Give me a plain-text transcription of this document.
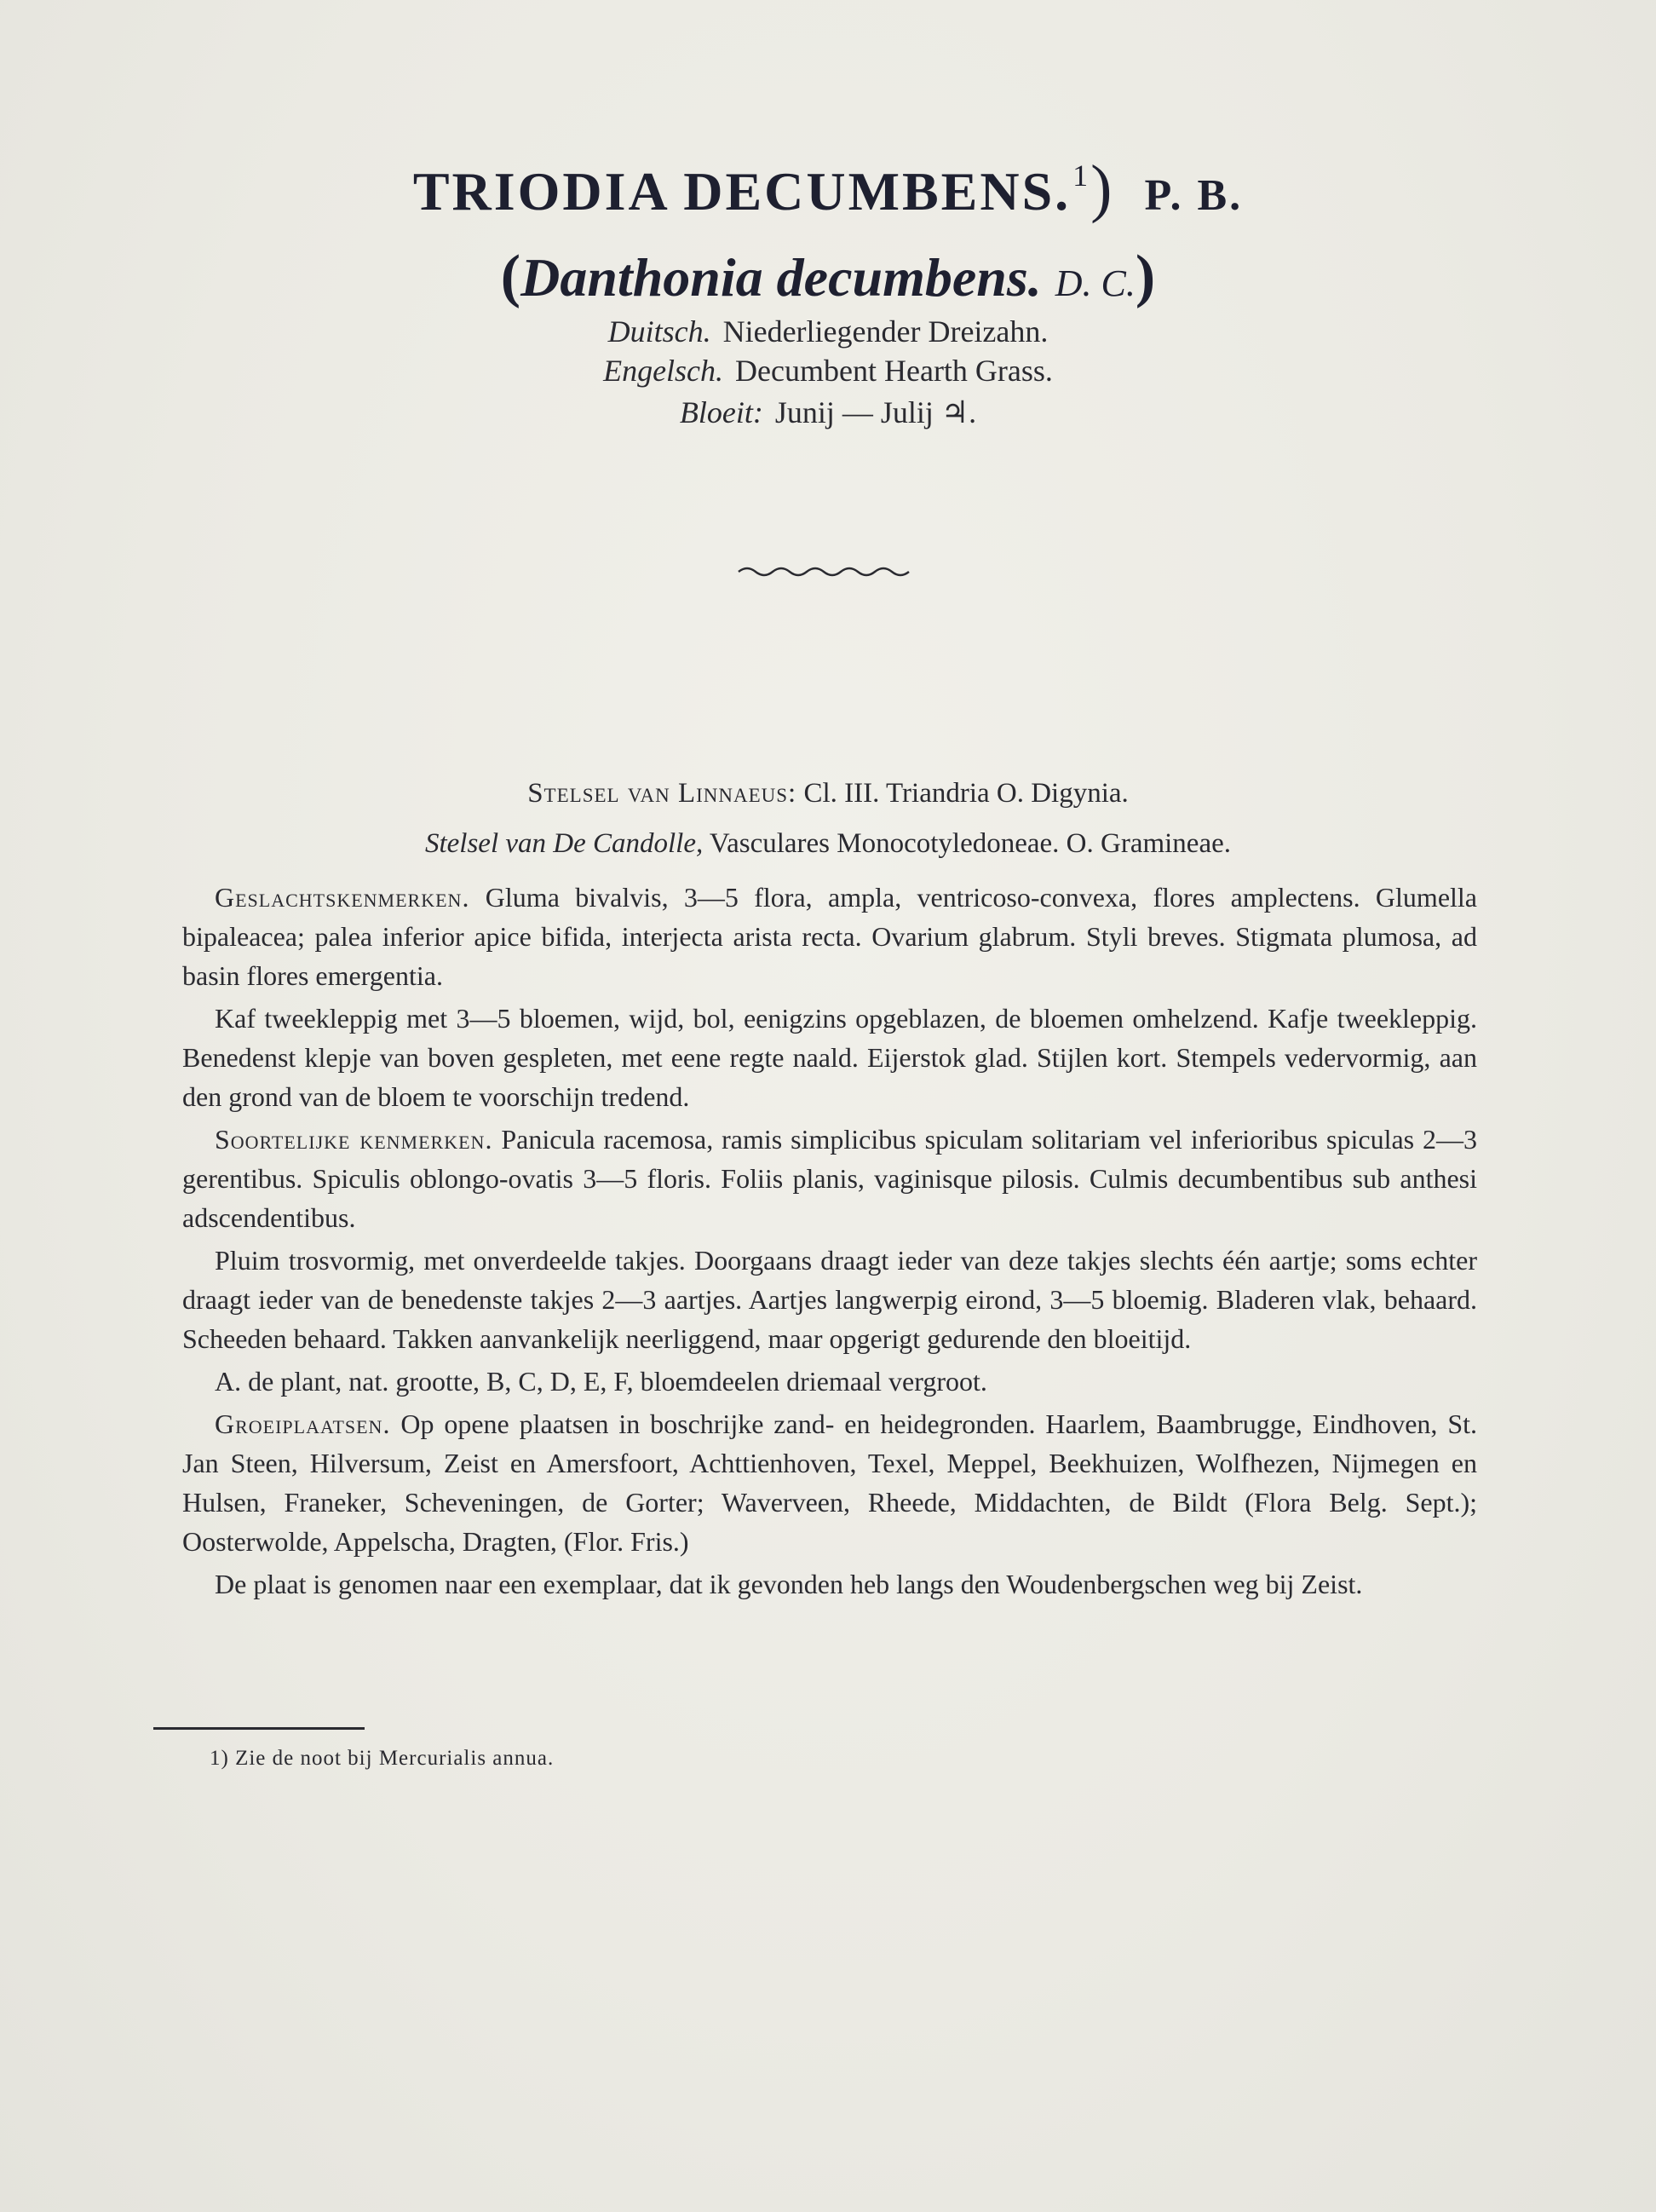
TRIODIA DECUMBENS.$^1$) P. B.
(Danthonia decumbens. D. C.)
Duitsch. Niederliegender Dreizahn.
Engelsch. Decumbent Hearth Grass.
Bloeit: Junij — Julij ♃.
Stelsel van Linnaeus: Cl. III. Triandria O. Digynia.
Stelsel van De Candolle, Vasculares Monocotyledoneae. O. Gramineae.

Geslachtskenmerken. Gluma bivalvis, 3—5 flora, ampla, ventricoso-convexa, flores amplectens. Glumella bipaleacea; palea inferior apice bifida, interjecta arista recta. Ovarium glabrum. Styli breves. Stigmata plumosa, ad basin flores emergentia.

Kaf tweekleppig met 3—5 bloemen, wijd, bol, eenigzins opgeblazen, de bloemen omhelzend. Kafje tweekleppig. Benedenst klepje van boven gespleten, met eene regte naald. Eijerstok glad. Stijlen kort. Stempels vedervormig, aan den grond van de bloem te voorschijn tredend.

Soortelijke kenmerken. Panicula racemosa, ramis simplicibus spiculam solitariam vel inferioribus spiculas 2—3 gerentibus. Spiculis oblongo-ovatis 3—5 floris. Foliis planis, vaginisque pilosis. Culmis decumbentibus sub anthesi adscendentibus.

Pluim trosvormig, met onverdeelde takjes. Doorgaans draagt ieder van deze takjes slechts één aartje; soms echter draagt ieder van de benedenste takjes 2—3 aartjes. Aartjes langwerpig eirond, 3—5 bloemig. Bladeren vlak, behaard. Scheeden behaard. Takken aanvankelijk neerliggend, maar opgerigt gedurende den bloeitijd.

A. de plant, nat. grootte, B, C, D, E, F, bloemdeelen driemaal vergroot.

Groeiplaatsen. Op opene plaatsen in boschrijke zand- en heidegronden. Haarlem, Baambrugge, Eindhoven, St. Jan Steen, Hilversum, Zeist en Amersfoort, Achttienhoven, Texel, Meppel, Beekhuizen, Wolfhezen, Nijmegen en Hulsen, Franeker, Scheveningen, de Gorter; Waverveen, Rheede, Middachten, de Bildt (Flora Belg. Sept.); Oosterwolde, Appelscha, Dragten, (Flor. Fris.)

De plaat is genomen naar een exemplaar, dat ik gevonden heb langs den Woudenbergschen weg bij Zeist.

1) Zie de noot bij Mercurialis annua.
